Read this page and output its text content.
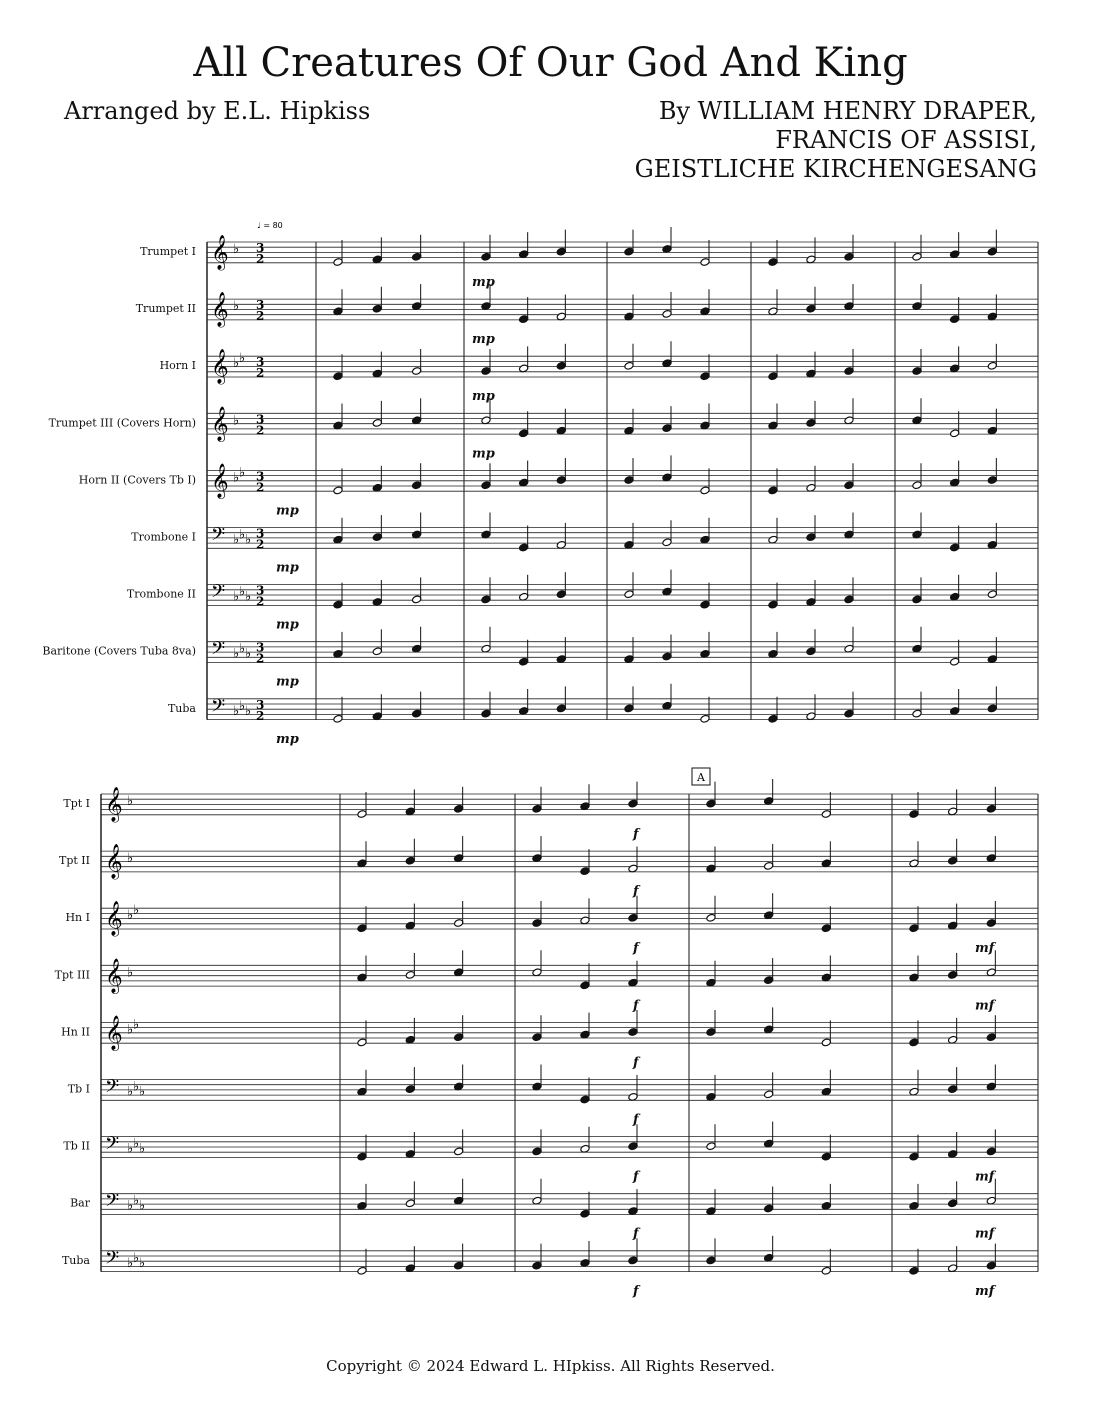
All Creatures Of Our God And King
Arranged by E.L. Hipkiss	By WILLIAM HENRY DRAPER,
FRANCIS OF ASSISI,
GEISTLICHE KIRCHENGESANG
Trumpet I 𝄞 ♭ 3
2
mp
Trumpet II 𝄞 ♭ 3
2
mp
Horn I 𝄞 ♭ ♭ 3
2
mp
Trumpet III (Covers Horn) 𝄞 ♭ 3
2
mp
Horn II (Covers Tb I) 𝄞 ♭ ♭ 3
2
mp
Trombone I 𝄢 ♭ ♭ ♭ 3
2
mp
Trombone II 𝄢 ♭ ♭ ♭ 3
2
mp
Baritone (Covers Tuba 8va) 𝄢 ♭ ♭ ♭ 3
2
mp
Tuba 𝄢 ♭ ♭ ♭ 3
2
mp
♩ = 80
Tpt I 𝄞 ♭
f
Tpt II 𝄞 ♭
f
Hn I 𝄞 ♭ ♭
f	mf
Tpt III 𝄞 ♭
f	mf
Hn II 𝄞 ♭ ♭
f
Tb I 𝄢 ♭ ♭ ♭
f
Tb II 𝄢 ♭ ♭ ♭
f	mf
Bar 𝄢 ♭ ♭ ♭
f	mf
Tuba 𝄢 ♭ ♭ ♭
f	mf
A
Copyright © 2024 Edward L. HIpkiss. All Rights Reserved.
